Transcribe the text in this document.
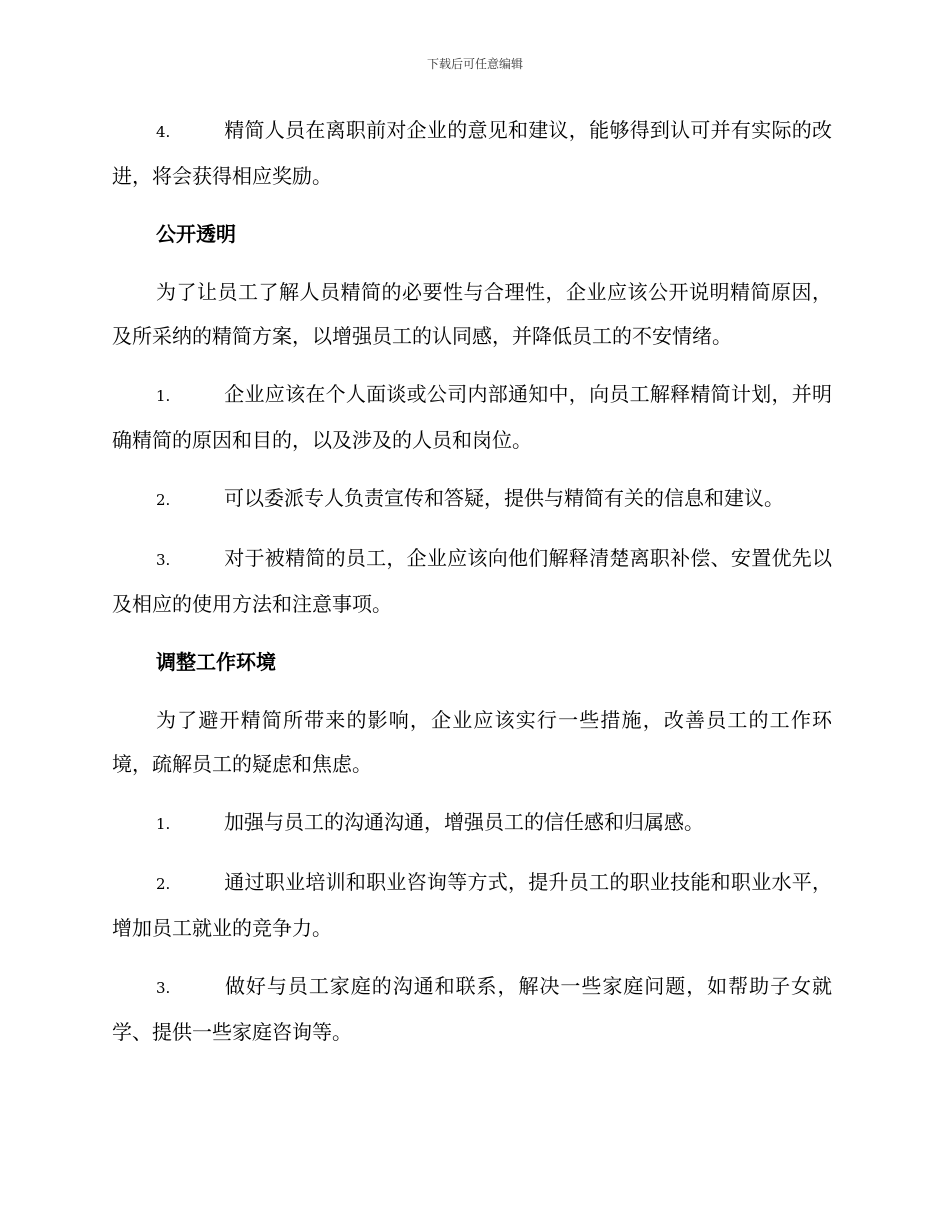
下载后可任意编辑
4.	精简人员在离职前对企业的意见和建议，能够得到认可并有实际的改进，将会获得相应奖励。
公开透明
为了让员工了解人员精简的必要性与合理性，企业应该公开说明精简原因，及所采纳的精简方案，以增强员工的认同感，并降低员工的不安情绪。
1.	企业应该在个人面谈或公司内部通知中，向员工解释精简计划，并明确精简的原因和目的，以及涉及的人员和岗位。
2.	可以委派专人负责宣传和答疑，提供与精简有关的信息和建议。
3.	对于被精简的员工，企业应该向他们解释清楚离职补偿、安置优先以及相应的使用方法和注意事项。
调整工作环境
为了避开精简所带来的影响，企业应该实行一些措施，改善员工的工作环境，疏解员工的疑虑和焦虑。
1.	加强与员工的沟通沟通，增强员工的信任感和归属感。
2.	通过职业培训和职业咨询等方式，提升员工的职业技能和职业水平，增加员工就业的竞争力。
3.	做好与员工家庭的沟通和联系，解决一些家庭问题，如帮助子女就学、提供一些家庭咨询等。
